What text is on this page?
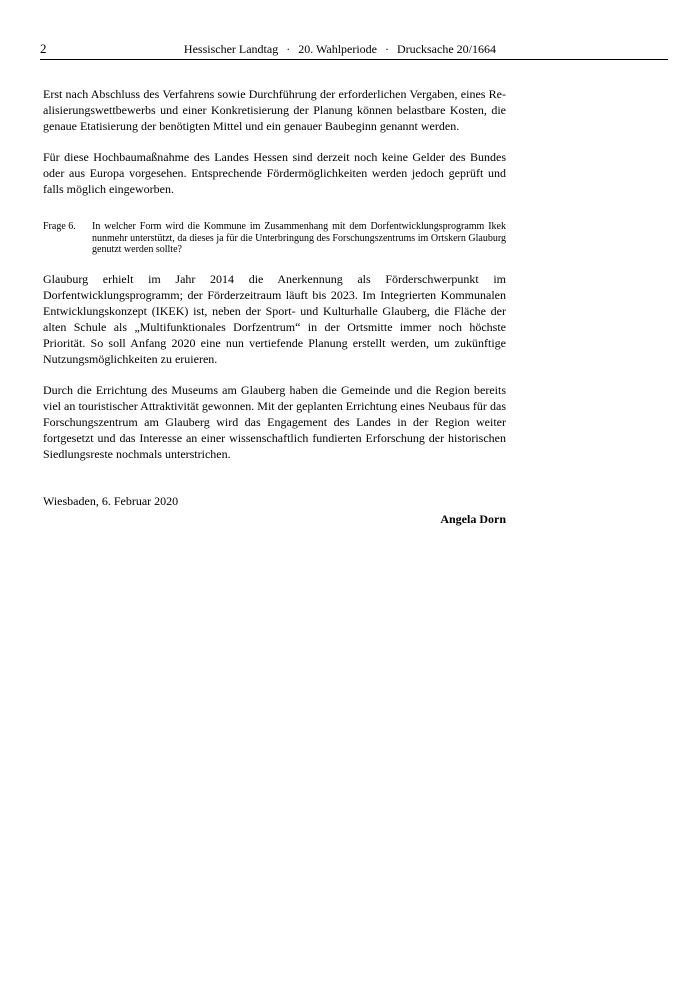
2	Hessischer Landtag · 20. Wahlperiode · Drucksache 20/1664

Erst nach Abschluss des Verfahrens sowie Durchführung der erforderlichen Vergaben, eines Realisierungswettbewerbs und einer Konkretisierung der Planung können belastbare Kosten, die genaue Etatisierung der benötigten Mittel und ein genauer Baubeginn genannt werden.

Für diese Hochbaumaßnahme des Landes Hessen sind derzeit noch keine Gelder des Bundes oder aus Europa vorgesehen. Entsprechende Fördermöglichkeiten werden jedoch geprüft und falls möglich eingeworben.

Frage 6.	In welcher Form wird die Kommune im Zusammenhang mit dem Dorfentwicklungsprogramm Ikek nunmehr unterstützt, da dieses ja für die Unterbringung des Forschungszentrums im Ortskern Glauburg genutzt werden sollte?

Glauburg erhielt im Jahr 2014 die Anerkennung als Förderschwerpunkt im Dorfentwicklungsprogramm; der Förderzeitraum läuft bis 2023. Im Integrierten Kommunalen Entwicklungskonzept (IKEK) ist, neben der Sport- und Kulturhalle Glauberg, die Fläche der alten Schule als „Multifunktionales Dorfzentrum“ in der Ortsmitte immer noch höchste Priorität. So soll Anfang 2020 eine nun vertiefende Planung erstellt werden, um zukünftige Nutzungsmöglichkeiten zu eruieren.

Durch die Errichtung des Museums am Glauberg haben die Gemeinde und die Region bereits viel an touristischer Attraktivität gewonnen. Mit der geplanten Errichtung eines Neubaus für das Forschungszentrum am Glauberg wird das Engagement des Landes in der Region weiter fortgesetzt und das Interesse an einer wissenschaftlich fundierten Erforschung der historischen Siedlungsreste nochmals unterstrichen.

Wiesbaden, 6. Februar 2020
Angela Dorn
